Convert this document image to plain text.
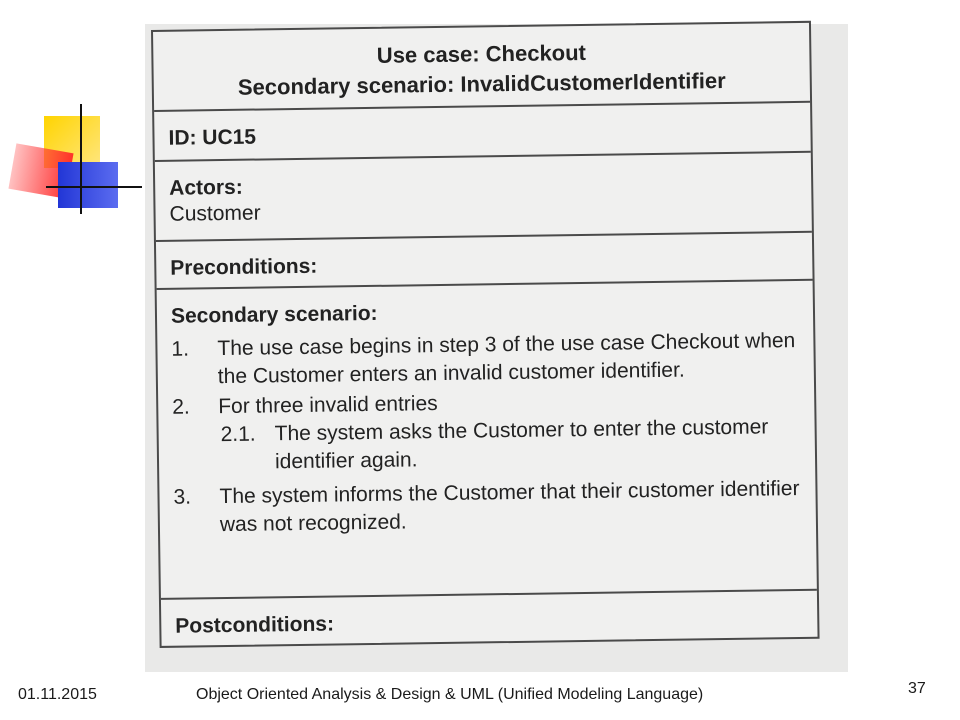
Use case: Checkout
Secondary scenario: InvalidCustomerIdentifier
ID: UC15
Actors:
Customer
Preconditions:
Secondary scenario:
1. The use case begins in step 3 of the use case Checkout when the Customer enters an invalid customer identifier.
2. For three invalid entries
2.1. The system asks the Customer to enter the customer identifier again.
3. The system informs the Customer that their customer identifier was not recognized.
Postconditions:
01.11.2015	Object Oriented Analysis & Design & UML (Unified Modeling Language)	37
